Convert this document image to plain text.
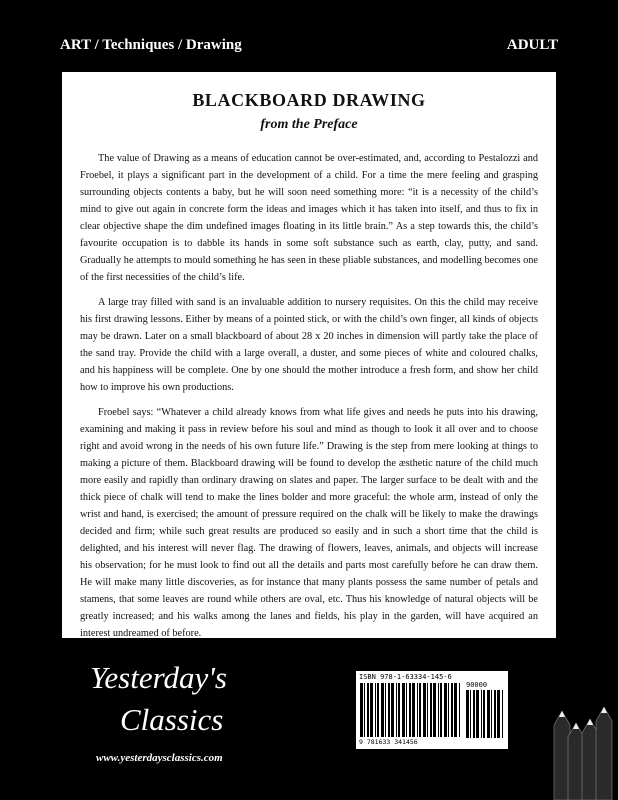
ART / Techniques / Drawing	ADULT
BLACKBOARD DRAWING
from the Preface

The value of Drawing as a means of education cannot be over-estimated, and, according to Pestalozzi and Froebel, it plays a significant part in the development of a child. For a time the mere feeling and grasping surrounding objects contents a baby, but he will soon need something more: “it is a necessity of the child’s mind to give out again in concrete form the ideas and images which it has taken into itself, and thus to fix in clear objective shape the dim undefined images floating in its little brain.” As a step towards this, the child’s favourite occupation is to dabble its hands in some soft substance such as earth, clay, putty, and sand. Gradually he attempts to mould something he has seen in these pliable substances, and modelling becomes one of the first necessities of the child’s life.

A large tray filled with sand is an invaluable addition to nursery requisites. On this the child may receive his first drawing lessons. Either by means of a pointed stick, or with the child’s own finger, all kinds of objects may be drawn. Later on a small blackboard of about 28 x 20 inches in dimension will partly take the place of the sand tray. Provide the child with a large overall, a duster, and some pieces of white and coloured chalks, and his happiness will be complete. One by one should the mother introduce a fresh form, and show her child how to improve his own productions.

Froebel says: “Whatever a child already knows from what life gives and needs he puts into his drawing, examining and making it pass in review before his soul and mind as though to look it all over and to choose right and avoid wrong in the needs of his own future life.” Drawing is the step from mere looking at things to making a picture of them. Blackboard drawing will be found to develop the æsthetic nature of the child much more easily and rapidly than ordinary drawing on slates and paper. The larger surface to be dealt with and the thick piece of chalk will tend to make the lines bolder and more graceful: the whole arm, instead of only the wrist and hand, is exercised; the amount of pressure required on the chalk will be likely to make the drawings decided and firm; while such great results are produced so easily and in such a short time that the child is delighted, and his interest will never flag. The drawing of flowers, leaves, animals, and objects will increase his observation; for he must look to find out all the details and parts most carefully before he can draw them. He will make many little discoveries, as for instance that many plants possess the same number of petals and stamens, that some leaves are round while others are oval, etc. Thus his knowledge of natural objects will be greatly increased; and his walks among the lanes and fields, his play in the garden, will have acquired an interest undreamed of before.

Yesterday's
Classics
www.yesterdaysclassics.com
ISBN 978-1-63334-145-6
90000
9 781633 341456
